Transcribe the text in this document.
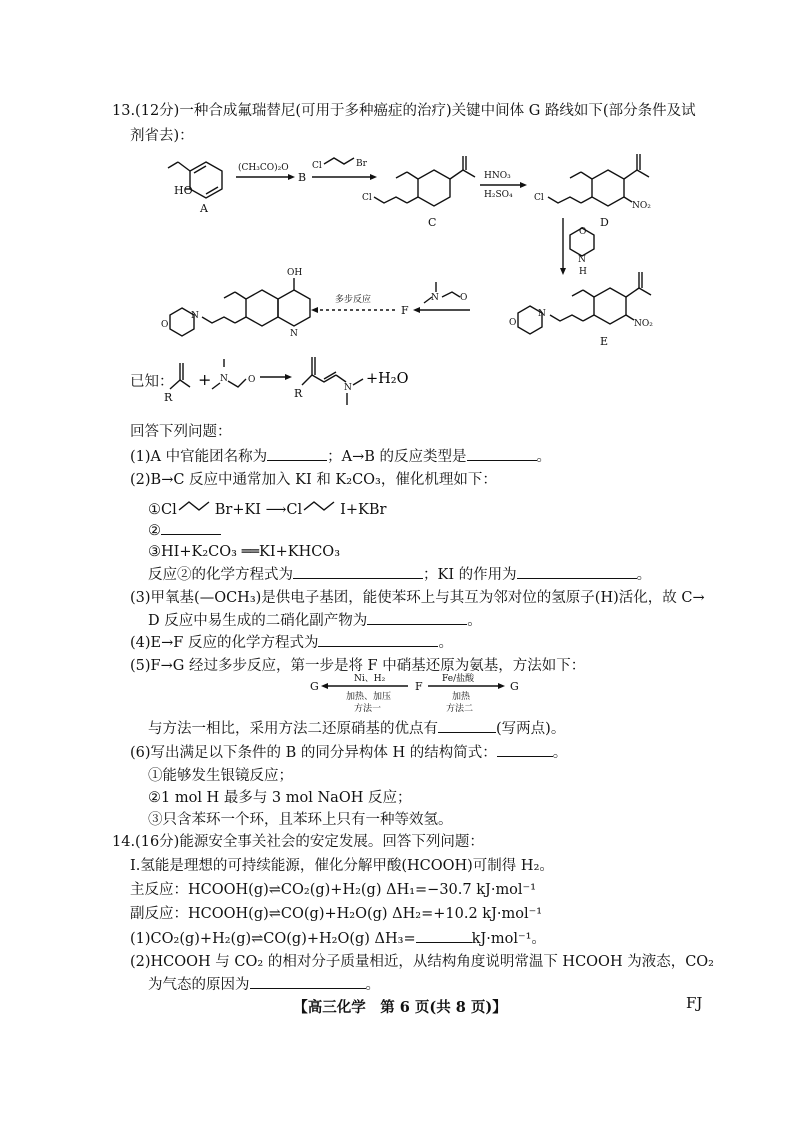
13.(12分)一种合成氟瑞替尼(可用于多种癌症的治疗)关键中间体 G 路线如下(部分条件及试
剂省去)：
HO
A
(CH₃CO)₂O
B
Cl	Br
Cl
C
HNO₃
H₂SO₄
NO₂
Cl
D
O
N
H
NO₂
N
O
E
N O
F
多步反应
OH
N
N
O
已知：
R
+ N O
N
R
+H₂O
回答下列问题：
(1)A 中官能团名称为	；A→B 的反应类型是	。
(2)B→C 反应中通常加入 KI 和 K₂CO₃，催化机理如下：
①Cl	Br+KI ⟶Cl	I+KBr
②
③HI+K₂CO₃ ══KI+KHCO₃
反应②的化学方程式为	；KI 的作用为	。
(3)甲氧基(—OCH₃)是供电子基团，能使苯环上与其互为邻对位的氢原子(H)活化，故 C→
D 反应中易生成的二硝化副产物为	。
(4)E→F 反应的化学方程式为	。
(5)F→G 经过多步反应，第一步是将 F 中硝基还原为氨基，方法如下：
G
Ni、H₂
加热、加压
方法一
F
Fe/盐酸
加热
方法二
G
与方法一相比，采用方法二还原硝基的优点有	(写两点)。
(6)写出满足以下条件的 B 的同分异构体 H 的结构简式：	。
①能够发生银镜反应；
②1 mol H 最多与 3 mol NaOH 反应；
③只含苯环一个环，且苯环上只有一种等效氢。
14.(16分)能源安全事关社会的安定发展。回答下列问题：
Ⅰ.氢能是理想的可持续能源，催化分解甲酸(HCOOH)可制得 H₂。
主反应：HCOOH(g)⇌CO₂(g)+H₂(g) ΔH₁=−30.7 kJ·mol⁻¹
副反应：HCOOH(g)⇌CO(g)+H₂O(g) ΔH₂=+10.2 kJ·mol⁻¹
(1)CO₂(g)+H₂(g)⇌CO(g)+H₂O(g) ΔH₃=	kJ·mol⁻¹。
(2)HCOOH 与 CO₂ 的相对分子质量相近，从结构角度说明常温下 HCOOH 为液态，CO₂
为气态的原因为	。
【高三化学　第 6 页(共 8 页)】	FJ
